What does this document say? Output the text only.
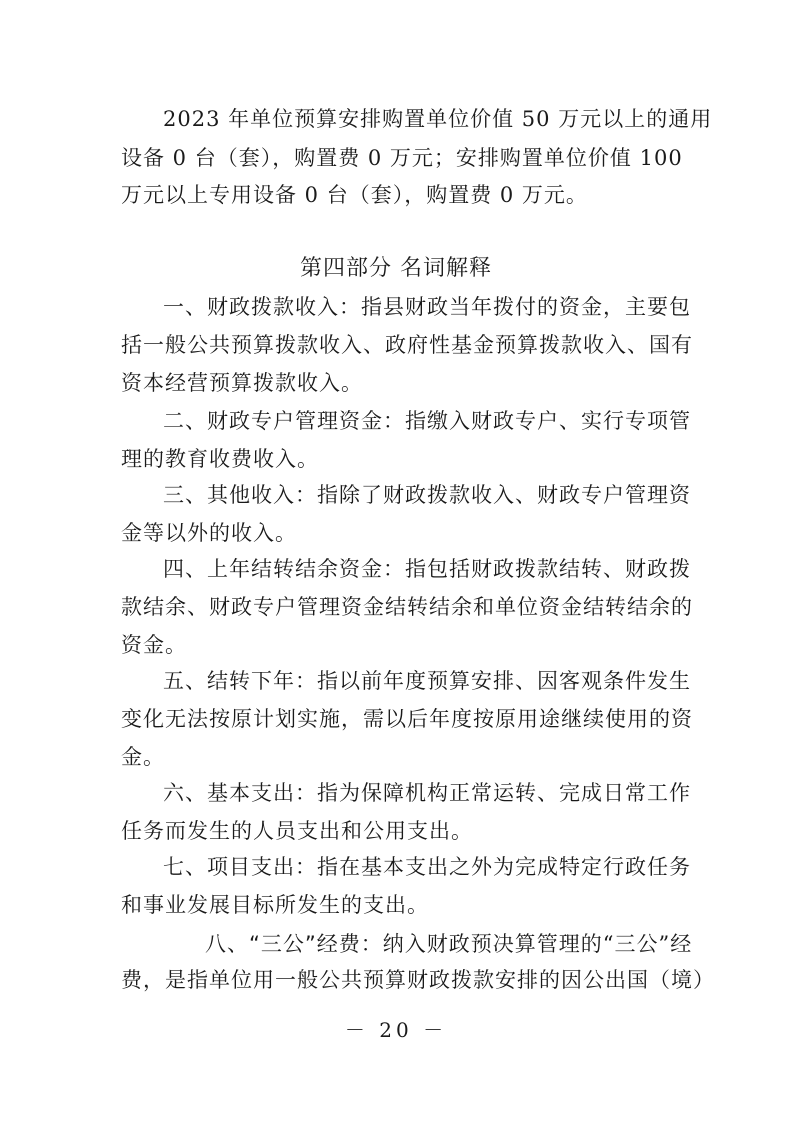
2023 年单位预算安排购置单位价值 50 万元以上的通用
设备 0 台（套），购置费 0 万元；安排购置单位价值 100
万元以上专用设备 0 台（套），购置费 0 万元。
第四部分 名词解释
一、财政拨款收入：指县财政当年拨付的资金，主要包
括一般公共预算拨款收入、政府性基金预算拨款收入、国有
资本经营预算拨款收入。
二、财政专户管理资金：指缴入财政专户、实行专项管
理的教育收费收入。
三、其他收入：指除了财政拨款收入、财政专户管理资
金等以外的收入。
四、上年结转结余资金：指包括财政拨款结转、财政拨
款结余、财政专户管理资金结转结余和单位资金结转结余的
资金。
五、结转下年：指以前年度预算安排、因客观条件发生
变化无法按原计划实施，需以后年度按原用途继续使用的资
金。
六、基本支出：指为保障机构正常运转、完成日常工作
任务而发生的人员支出和公用支出。
七、项目支出：指在基本支出之外为完成特定行政任务
和事业发展目标所发生的支出。
八、“三公”经费：纳入财政预决算管理的“三公”经
费，是指单位用一般公共预算财政拨款安排的因公出国（境）
－ 20 －
